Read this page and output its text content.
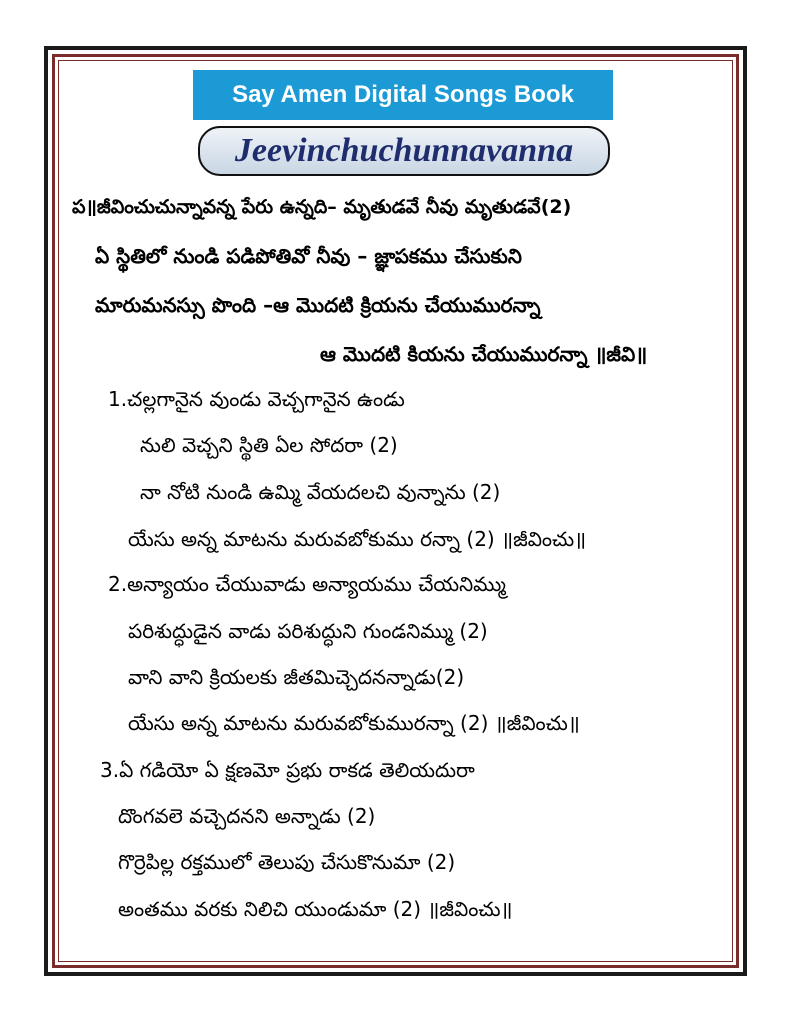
Say Amen Digital Songs Book
Jeevinchuchunnavanna
ప॥జీవించుచున్నావన్న పేరు ఉన్నది– మృతుడవే నీవు మృతుడవే(2)
ఏ స్థితిలో నుండి పడిపోతివో నీవు – జ్ఞాపకము చేసుకుని
మారుమనస్సు పొంది –ఆ మొదటి క్రియను చేయుమురన్నా
ఆ మొదటి కియను చేయుమురన్నా ॥జీవి॥
1.చల్లగానైన వుండు వెచ్చగానైన ఉండు
నులి వెచ్చని స్థితి ఏల సోదరా (2)
నా నోటి నుండి ఉమ్మి వేయదలచి వున్నాను (2)
యేసు అన్న మాటను మరువబోకుము రన్నా (2) ॥జీవించు॥
2.అన్యాయం చేయువాడు అన్యాయము చేయనిమ్ము
పరిశుద్ధుడైన వాడు పరిశుద్ధుని గుండనిమ్ము (2)
వాని వాని క్రియలకు జీతమిచ్చెదనన్నాడు(2)
యేసు అన్న మాటను మరువబోకుమురన్నా (2) ॥జీవించు॥
3.ఏ గడియో ఏ క్షణమో ప్రభు రాకడ తెలియదురా
దొంగవలె వచ్చెదనని అన్నాడు (2)
గొర్రెపిల్ల రక్తములో తెలుపు చేసుకొనుమా (2)
అంతము వరకు నిలిచి యుండుమా (2) ॥జీవించు॥
